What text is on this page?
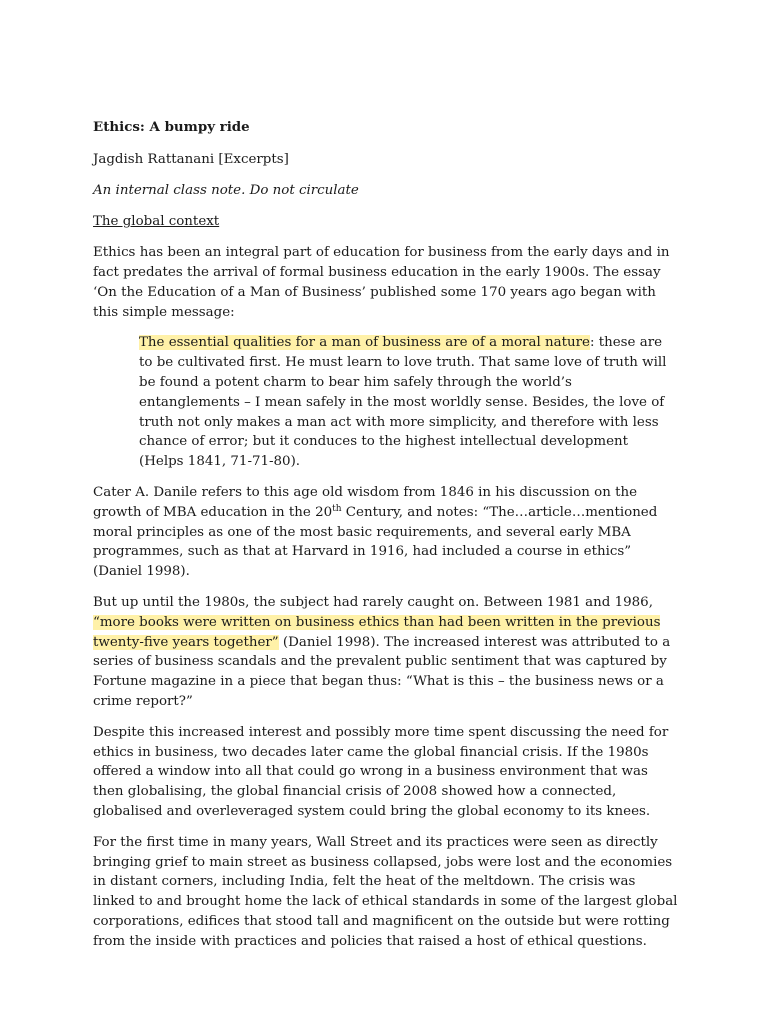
Ethics: A bumpy ride
Jagdish Rattanani [Excerpts]
An internal class note. Do not circulate
The global context

Ethics has been an integral part of education for business from the early days and in fact predates the arrival of formal business education in the early 1900s. The essay ‘On the Education of a Man of Business’ published some 170 years ago began with this simple message:

The essential qualities for a man of business are of a moral nature: these are to be cultivated first. He must learn to love truth. That same love of truth will be found a potent charm to bear him safely through the world’s entanglements – I mean safely in the most worldly sense. Besides, the love of truth not only makes a man act with more simplicity, and therefore with less chance of error; but it conduces to the highest intellectual development (Helps 1841, 71-71-80).

Cater A. Danile refers to this age old wisdom from 1846 in his discussion on the growth of MBA education in the 20th Century, and notes: “The…article…mentioned moral principles as one of the most basic requirements, and several early MBA programmes, such as that at Harvard in 1916, had included a course in ethics” (Daniel 1998).

But up until the 1980s, the subject had rarely caught on. Between 1981 and 1986, “more books were written on business ethics than had been written in the previous twenty-five years together” (Daniel 1998). The increased interest was attributed to a series of business scandals and the prevalent public sentiment that was captured by Fortune magazine in a piece that began thus: “What is this – the business news or a crime report?”

Despite this increased interest and possibly more time spent discussing the need for ethics in business, two decades later came the global financial crisis. If the 1980s offered a window into all that could go wrong in a business environment that was then globalising, the global financial crisis of 2008 showed how a connected, globalised and overleveraged system could bring the global economy to its knees.

For the first time in many years, Wall Street and its practices were seen as directly bringing grief to main street as business collapsed, jobs were lost and the economies in distant corners, including India, felt the heat of the meltdown. The crisis was linked to and brought home the lack of ethical standards in some of the largest global corporations, edifices that stood tall and magnificent on the outside but were rotting from the inside with practices and policies that raised a host of ethical questions.
